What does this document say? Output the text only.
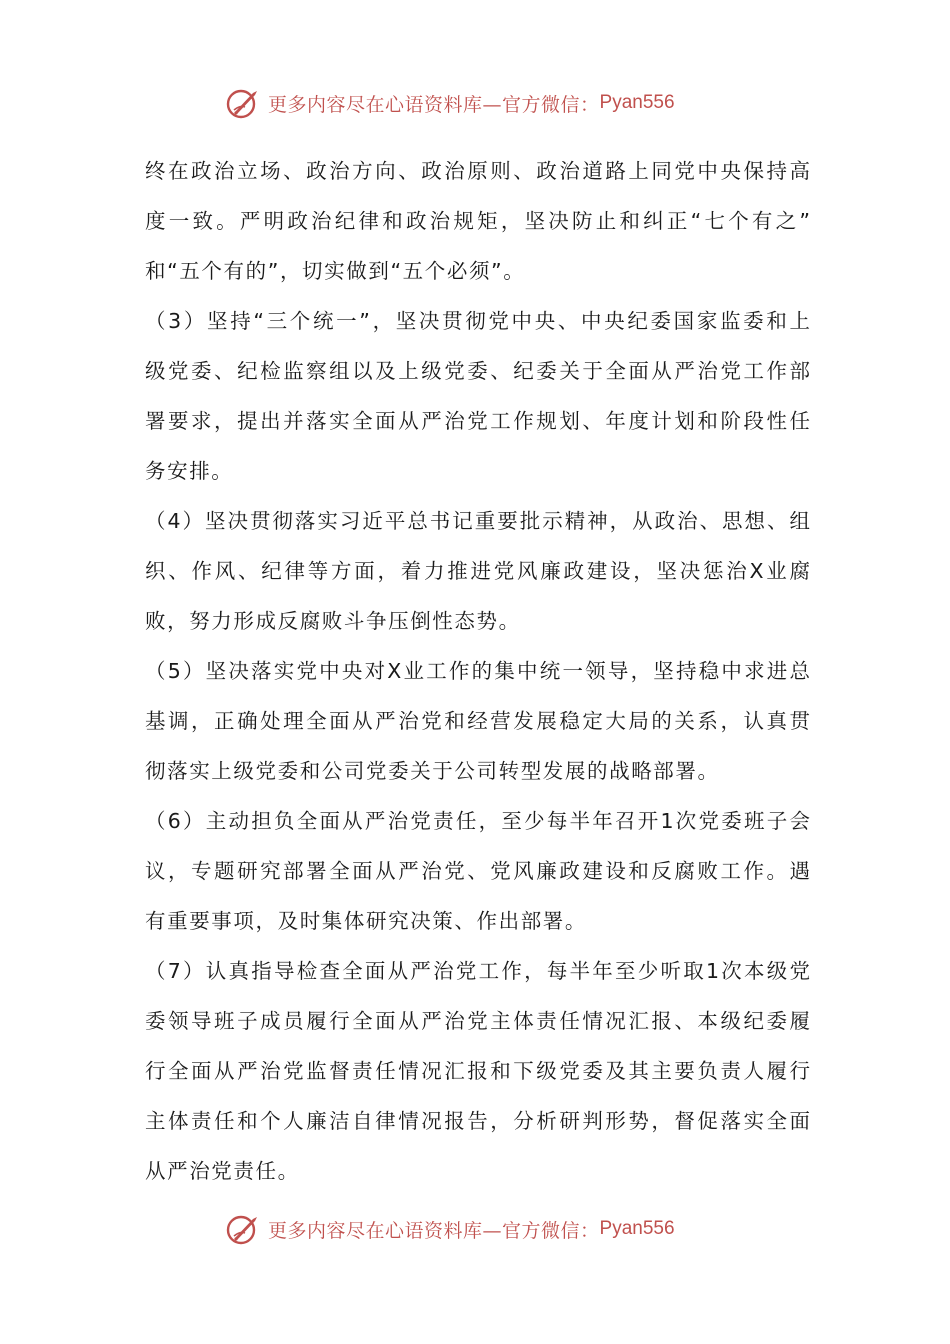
更多内容尽在心语资料库—官方微信： Pyan556
终在政治立场、政治方向、政治原则、政治道路上同党中央保持高
度一致。严明政治纪律和政治规矩，坚决防止和纠正“七个有之”
和“五个有的”，切实做到“五个必须”。
（3）坚持“三个统一”，坚决贯彻党中央、中央纪委国家监委和上
级党委、纪检监察组以及上级党委、纪委关于全面从严治党工作部
署要求，提出并落实全面从严治党工作规划、年度计划和阶段性任
务安排。
（4）坚决贯彻落实习近平总书记重要批示精神，从政治、思想、组
织、作风、纪律等方面，着力推进党风廉政建设，坚决惩治X业腐
败，努力形成反腐败斗争压倒性态势。
（5）坚决落实党中央对X业工作的集中统一领导，坚持稳中求进总
基调，正确处理全面从严治党和经营发展稳定大局的关系，认真贯
彻落实上级党委和公司党委关于公司转型发展的战略部署。
（6）主动担负全面从严治党责任，至少每半年召开1次党委班子会
议，专题研究部署全面从严治党、党风廉政建设和反腐败工作。遇
有重要事项，及时集体研究决策、作出部署。
（7）认真指导检查全面从严治党工作，每半年至少听取1次本级党
委领导班子成员履行全面从严治党主体责任情况汇报、本级纪委履
行全面从严治党监督责任情况汇报和下级党委及其主要负责人履行
主体责任和个人廉洁自律情况报告，分析研判形势，督促落实全面
从严治党责任。
更多内容尽在心语资料库—官方微信： Pyan556
